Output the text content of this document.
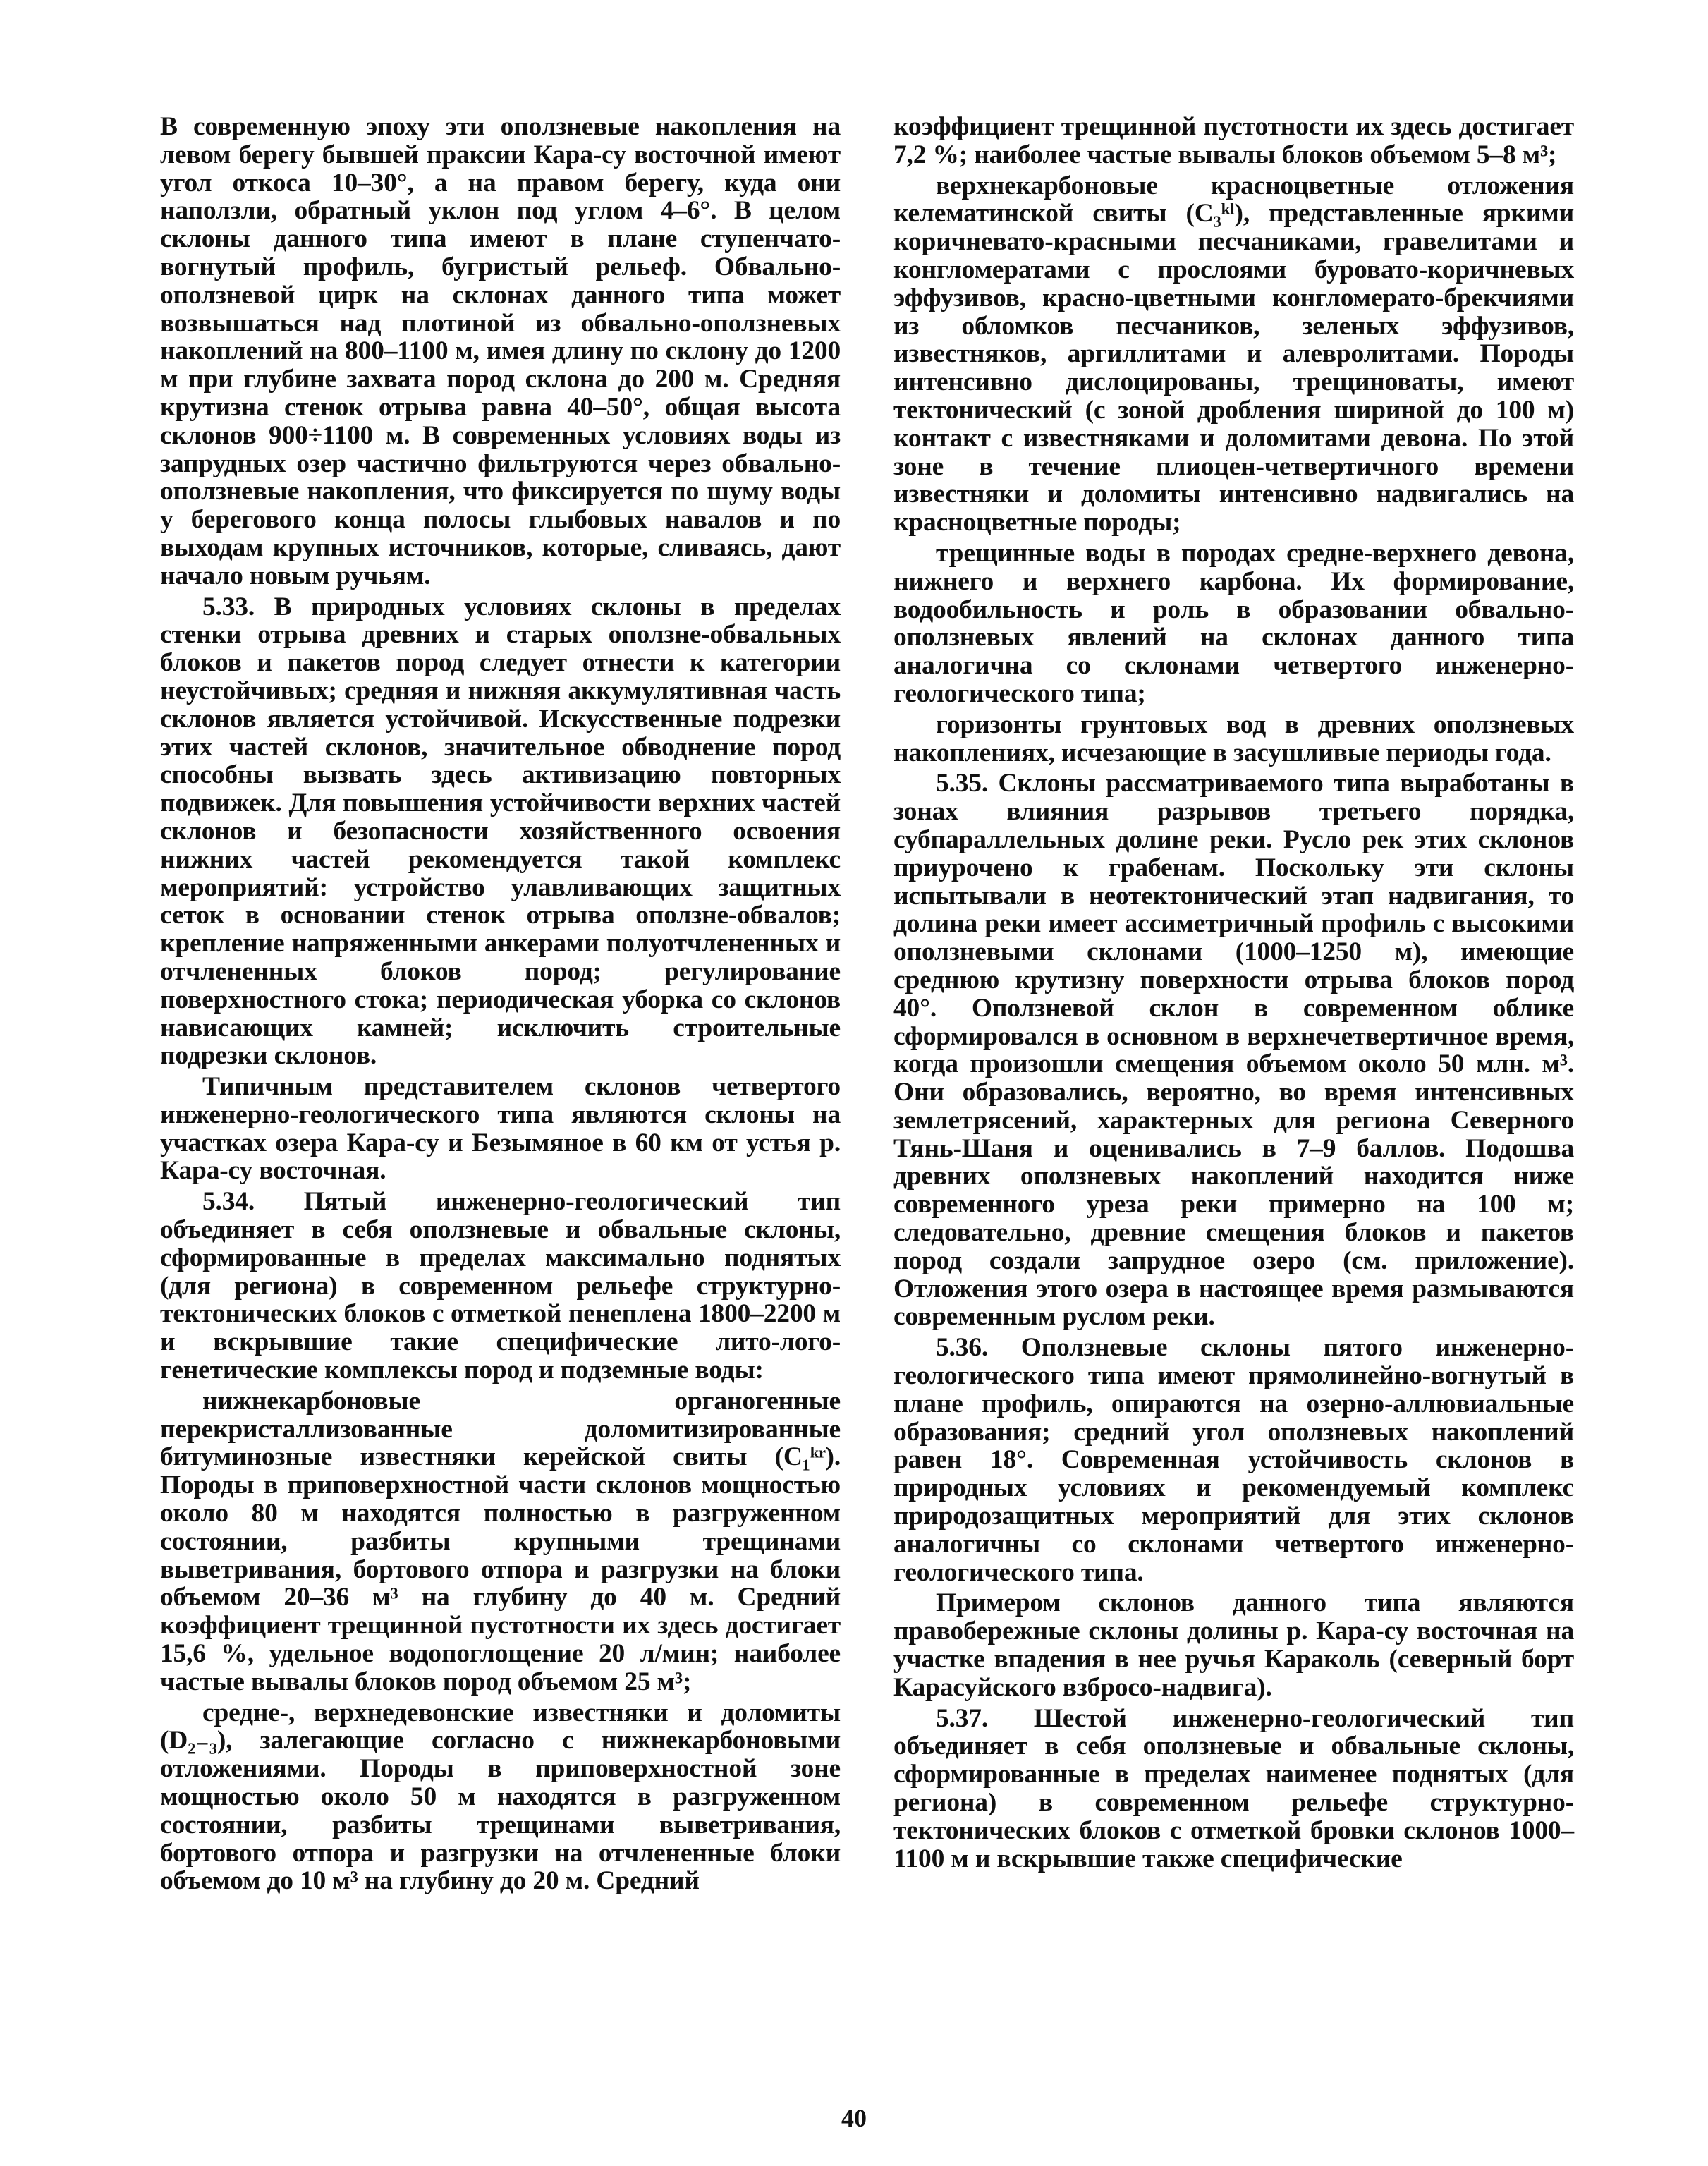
В современную эпоху эти оползневые накопления на левом берегу бывшей праксии Кара-су восточной имеют угол откоса 10–30°, а на правом берегу, куда они наползли, обратный уклон под углом 4–6°. В целом склоны данного типа имеют в плане ступенчато-вогнутый профиль, бугристый рельеф. Обвально-оползневой цирк на склонах данного типа может возвышаться над плотиной из обвально-оползневых накоплений на 800–1100 м, имея длину по склону до 1200 м при глубине захвата пород склона до 200 м. Средняя крутизна стенок отрыва равна 40–50°, общая высота склонов 900÷1100 м. В современных условиях воды из запрудных озер частично фильтруются через обвально-оползневые накопления, что фиксируется по шуму воды у берегового конца полосы глыбовых навалов и по выходам крупных источников, которые, сливаясь, дают начало новым ручьям.

5.33. В природных условиях склоны в пределах стенки отрыва древних и старых оползне-обвальных блоков и пакетов пород следует отнести к категории неустойчивых; средняя и нижняя аккумулятивная часть склонов является устойчивой. Искусственные подрезки этих частей склонов, значительное обводнение пород способны вызвать здесь активизацию повторных подвижек. Для повышения устойчивости верхних частей склонов и безопасности хозяйственного освоения нижних частей рекомендуется такой комплекс мероприятий: устройство улавливающих защитных сеток в основании стенок отрыва оползне-обвалов; крепление напряженными анкерами полуотчлененных и отчлененных блоков пород; регулирование поверхностного стока; периодическая уборка со склонов нависающих камней; исключить строительные подрезки склонов.

Типичным представителем склонов четвертого инженерно-геологического типа являются склоны на участках озера Кара-су и Безымяное в 60 км от устья р. Кара-су восточная.

5.34. Пятый инженерно-геологический тип объединяет в себя оползневые и обвальные склоны, сформированные в пределах максимально поднятых (для региона) в современном рельефе структурно-тектонических блоков с отметкой пенеплена 1800–2200 м и вскрывшие такие специфические лито-лого-генетические комплексы пород и подземные воды:

нижнекарбоновые органогенные перекристаллизованные доломитизированные битуминозные известняки керейской свиты (C₁ᵏʳ). Породы в приповерхностной части склонов мощностью около 80 м находятся полностью в разгруженном состоянии, разбиты крупными трещинами выветривания, бортового отпора и разгрузки на блоки объемом 20–36 м³ на глубину до 40 м. Средний коэффициент трещинной пустотности их здесь достигает 15,6 %, удельное водопоглощение 20 л/мин; наиболее частые вывалы блоков пород объемом 25 м³;

средне-, верхнедевонские известняки и доломиты (D₂₋₃), залегающие согласно с нижнекарбоновыми отложениями. Породы в приповерхностной зоне мощностью около 50 м находятся в разгруженном состоянии, разбиты трещинами выветривания, бортового отпора и разгрузки на отчлененные блоки объемом до 10 м³ на глубину до 20 м. Средний

коэффициент трещинной пустотности их здесь достигает 7,2 %; наиболее частые вывалы блоков объемом 5–8 м³;

верхнекарбоновые красноцветные отложения келематинской свиты (C₃ᵏˡ), представленные яркими коричневато-красными песчаниками, гравелитами и конгломератами с прослоями буровато-коричневых эффузивов, красно-цветными конгломерато-брекчиями из обломков песчаников, зеленых эффузивов, известняков, аргиллитами и алевролитами. Породы интенсивно дислоцированы, трещиноваты, имеют тектонический (с зоной дробления шириной до 100 м) контакт с известняками и доломитами девона. По этой зоне в течение плиоцен-четвертичного времени известняки и доломиты интенсивно надвигались на красноцветные породы;

трещинные воды в породах средне-верхнего девона, нижнего и верхнего карбона. Их формирование, водообильность и роль в образовании обвально-оползневых явлений на склонах данного типа аналогична со склонами четвертого инженерно-геологического типа;

горизонты грунтовых вод в древних оползневых накоплениях, исчезающие в засушливые периоды года.

5.35. Склоны рассматриваемого типа выработаны в зонах влияния разрывов третьего порядка, субпараллельных долине реки. Русло рек этих склонов приурочено к грабенам. Поскольку эти склоны испытывали в неотектонический этап надвигания, то долина реки имеет ассиметричный профиль с высокими оползневыми склонами (1000–1250 м), имеющие среднюю крутизну поверхности отрыва блоков пород 40°. Оползневой склон в современном облике сформировался в основном в верхнечетвертичное время, когда произошли смещения объемом около 50 млн. м³. Они образовались, вероятно, во время интенсивных землетрясений, характерных для региона Северного Тянь-Шаня и оценивались в 7–9 баллов. Подошва древних оползневых накоплений находится ниже современного уреза реки примерно на 100 м; следовательно, древние смещения блоков и пакетов пород создали запрудное озеро (см. приложение). Отложения этого озера в настоящее время размываются современным руслом реки.

5.36. Оползневые склоны пятого инженерно-геологического типа имеют прямолинейно-вогнутый в плане профиль, опираются на озерно-аллювиальные образования; средний угол оползневых накоплений равен 18°. Современная устойчивость склонов в природных условиях и рекомендуемый комплекс природозащитных мероприятий для этих склонов аналогичны со склонами четвертого инженерно-геологического типа.

Примером склонов данного типа являются правобережные склоны долины р. Кара-су восточная на участке впадения в нее ручья Караколь (северный борт Карасуйского взбросо-надвига).

5.37. Шестой инженерно-геологический тип объединяет в себя оползневые и обвальные склоны, сформированные в пределах наименее поднятых (для региона) в современном рельефе структурно-тектонических блоков с отметкой бровки склонов 1000–1100 м и вскрывшие также специфические

40
